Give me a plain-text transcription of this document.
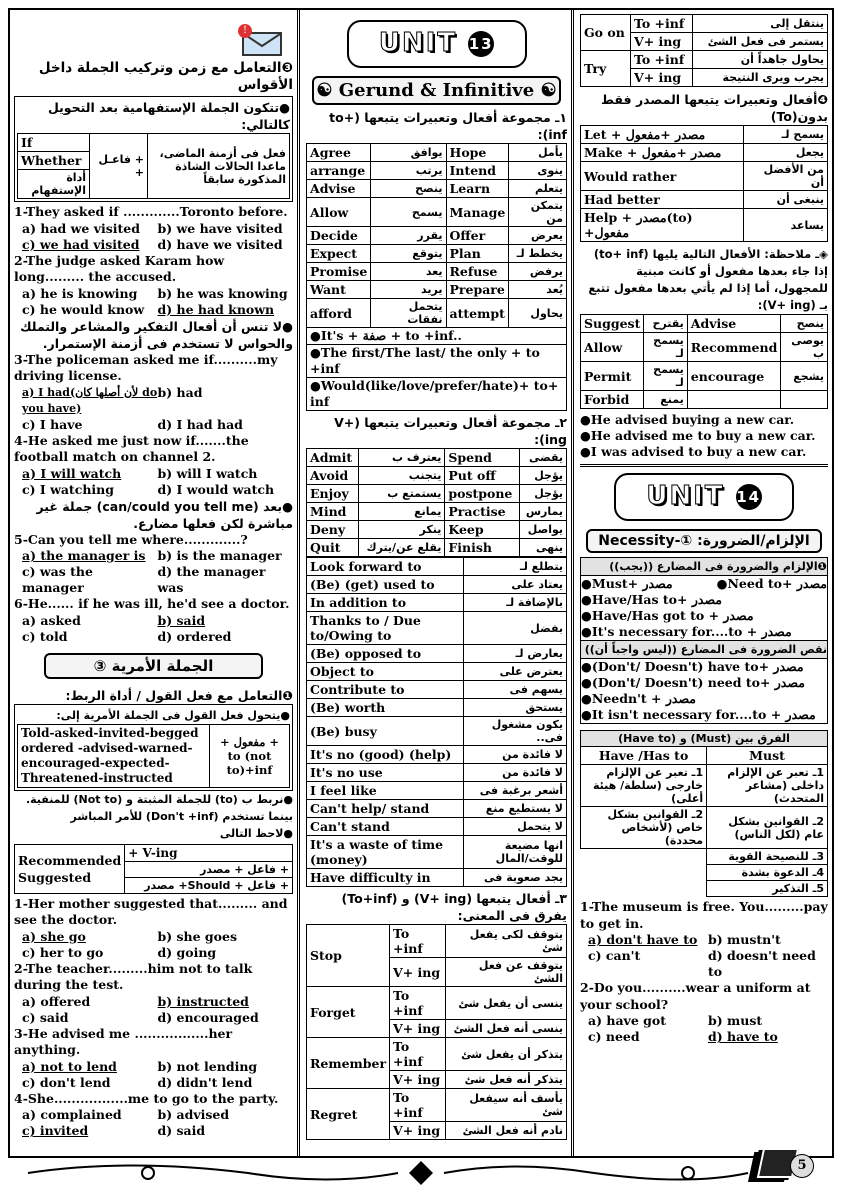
!
❸التعامل مع زمن وتركيب الجملة داخل الأقواس
●تتكون الجملة الإستفهامية بعد التحويل كالتالي:
If	+ فاعـل +	فعل فى أزمنة الماضى، ماعدا الحالات الشاذة المذكورة سابقاً
Whether
أداة الإستفهام
1-They asked if .............Toronto before.
a) had we visited	b) we have visited
c) we had visited	d) have we visited
2-The judge asked Karam how long......... the accused.
a) he is knowing	b) he was knowing
c) he would know	d) he had known
●لا تنس أن أفعال التفكير والمشاعر والتملك والحواس لا تستخدم فى أزمنة الإستمرار.
3-The policeman asked me if..........my driving license.
a) I had(لأن أصلها كان do you have)
b) had
c) I have	d) I had had
4-He asked me just now if.......the football match on channel 2.
a) I will watch	b) will I watch
c) I watching	d) I would watch
●بعد (can/could you tell me) جملة غير مباشرة لكن فعلها مضارع.
5-Can you tell me where.............?
a) the manager is b) is the manager
c) was the manager
d) the manager was
6-He...... if he was ill, he'd see a doctor.
a) asked	b) said
c) told	d) ordered
③ الجملة الأمرية
❶التعامل مع فعل القول / أداة الربط:
●يتحول فعل القول فى الجملة الأمرية إلى:
Told-asked-invited-begged ordered -advised-warned-encouraged-expected-Threatened-instructed	+ مفعول + to (not to)+inf
●نربط ب (to) للجملة المثبتة و (Not to) للمنفية. بينما تستخدم (Don't +inf) للأمر المباشر
●لاحظ التالى
Recommended
Suggested
	+ V-ing
+ فاعل + مصدر
+ فاعل + Should+ مصدر
1-Her mother suggested that......... and see the doctor.
a) she go	b) she goes
c) her to go	d) going
2-The teacher.........him not to talk during the test.
a) offered	b) instructed
c) said	d) encouraged
3-He advised me .................her anything.
a) not to lend	b) not lending
c) don't lend	d) didn't lend
4-She.................me to go to the party.
a) complained	b) advised
c) invited	d) said
UNIT 13
☯ Gerund & Infinitive ☯
١ـ مجموعة أفعال وتعبيرات يتبعها (to+ inf):
Agree	يوافق	Hope	يأمل
arrange	يرتب	Intend	ينوى
Advise	ينصح	Learn	يتعلم
Allow	يسمح	Manage	يتمكن من
Decide	يقرر	Offer	يعرض
Expect	يتوقع	Plan	يخطط لـ
Promise	يعد	Refuse	يرفض
Want	يريد	Prepare	يُعد
afford	يتحمل نفقات	attempt	يحاول
●It's + صفة + to +inf..
●The first/The last/ the only + to +inf
●Would(like/love/prefer/hate)+ to+ inf
٢ـ مجموعة أفعال وتعبيرات يتبعها (V+ ing):
Admit	يعترف ب	Spend	يقضى
Avoid	يتجنب	Put off	يؤجل
Enjoy	يستمتع ب	postpone	يؤجل
Mind	يمانع	Practise	يمارس
Deny	ينكر	Keep	يواصل
Quit	يقلع عن/يترك	Finish	ينهى
Look forward to	يتطلع لـ
(Be) (get) used to	يعتاد على
In addition to	بالإضافة لـ
Thanks to / Due to/Owing to	بفضل
(Be) opposed to	يعارض لـ
Object to	يعترض على
Contribute to	يسهم فى
(Be) worth	يستحق
(Be) busy	يكون مشغول فى..
It's no (good) (help)	لا فائدة من
It's no use	لا فائدة من
I feel like	أشعر برغبة فى
Can't help/ stand	لا يستطيع منع
Can't stand	لا يتحمل
It's a waste of time (money)	انها مضيعة للوقت/المال
Have difficulty in	يجد صعوبة فى
٣ـ أفعال يتبعها (V+ ing) و (To+inf) يفرق فى المعنى:
Stop	To +inf	يتوقف لكى يفعل شئ
	V+ ing	يتوقف عن فعل الشئ
Forget	To +inf	ينسى أن يفعل شئ
	V+ ing	ينسى أنه فعل الشئ
Remember	To +inf	يتذكر أن يفعل شئ
	V+ ing	يتذكر أنه فعل شئ
Regret	To +inf	يأسف أنه سيفعل شئ
	V+ ing	نادم أنه فعل الشئ
Go on	To +inf	ينتقل إلى
	V+ ing	يستمر فى فعل الشئ
Try	To +inf	يحاول جاهداً أن
	V+ ing	يجرب ويرى النتيجة
❹أفعال وتعبيرات يتبعها المصدر فقط بدون(To)
Let + مصدر +مفعول	يسمح لـ
Make + مصدر +مفعول	يجعل
Would rather	من الأفضل أن
Had better	ينبغى أن
Help + مصدر(to) +مفعول	يساعد
◈ـ ملاحظة: الأفعال التالية يليها (to+ inf) إذا جاء بعدها مفعول أو كانت مبنية للمجهول، أما إذا لم يأتي بعدها مفعول تتبع بـ (V+ ing):
Suggest	يقترح	Advise	ينصح
Allow	يسمح لـ	Recommend	يوصى ب
Permit	يسمح لـ	encourage	يشجع
Forbid	يمنع		
●He advised buying a new car.
●He advised me to buy a new car.
●I was advised to buy a new car.
UNIT 14
الإلزام/الضرورة: ①-Necessity
❶الإلزام والضرورة فى المضارع ((يجب))
●Must+ مصدر	●Need to+ مصدر
●Have/Has to+ مصدر
●Have/Has got to + مصدر
●It's necessary for....to + مصدر
نقص الضرورة فى المضارع ((ليس واجباً أن))
●(Don't/ Doesn't) have to+ مصدر
●(Don't/ Doesn't) need to+ مصدر
●Needn't + مصدر
●It isn't necessary for....to + مصدر
الفرق بين (Must) و (Have to)	
Have /Has to	Must
1ـ تعبر عن الإلزام خارجى (سلطة/ هيئة أعلى)	1ـ تعبر عن الإلزام داخلى (مشاعر المتحدث)
2ـ القوانين بشكل خاص (لأشخاص محددة)	2ـ القوانين بشكل عام (لكل الناس)
	3ـ للنصيحة القوية
	4ـ الدعوة بشدة
	5ـ التذكير
1-The museum is free. You.........pay to get in.
a) don't have to b) mustn't
c) can't	d) doesn't need to
2-Do you..........wear a uniform at your school?
a) have got	b) must
c) need	d) have to
5
